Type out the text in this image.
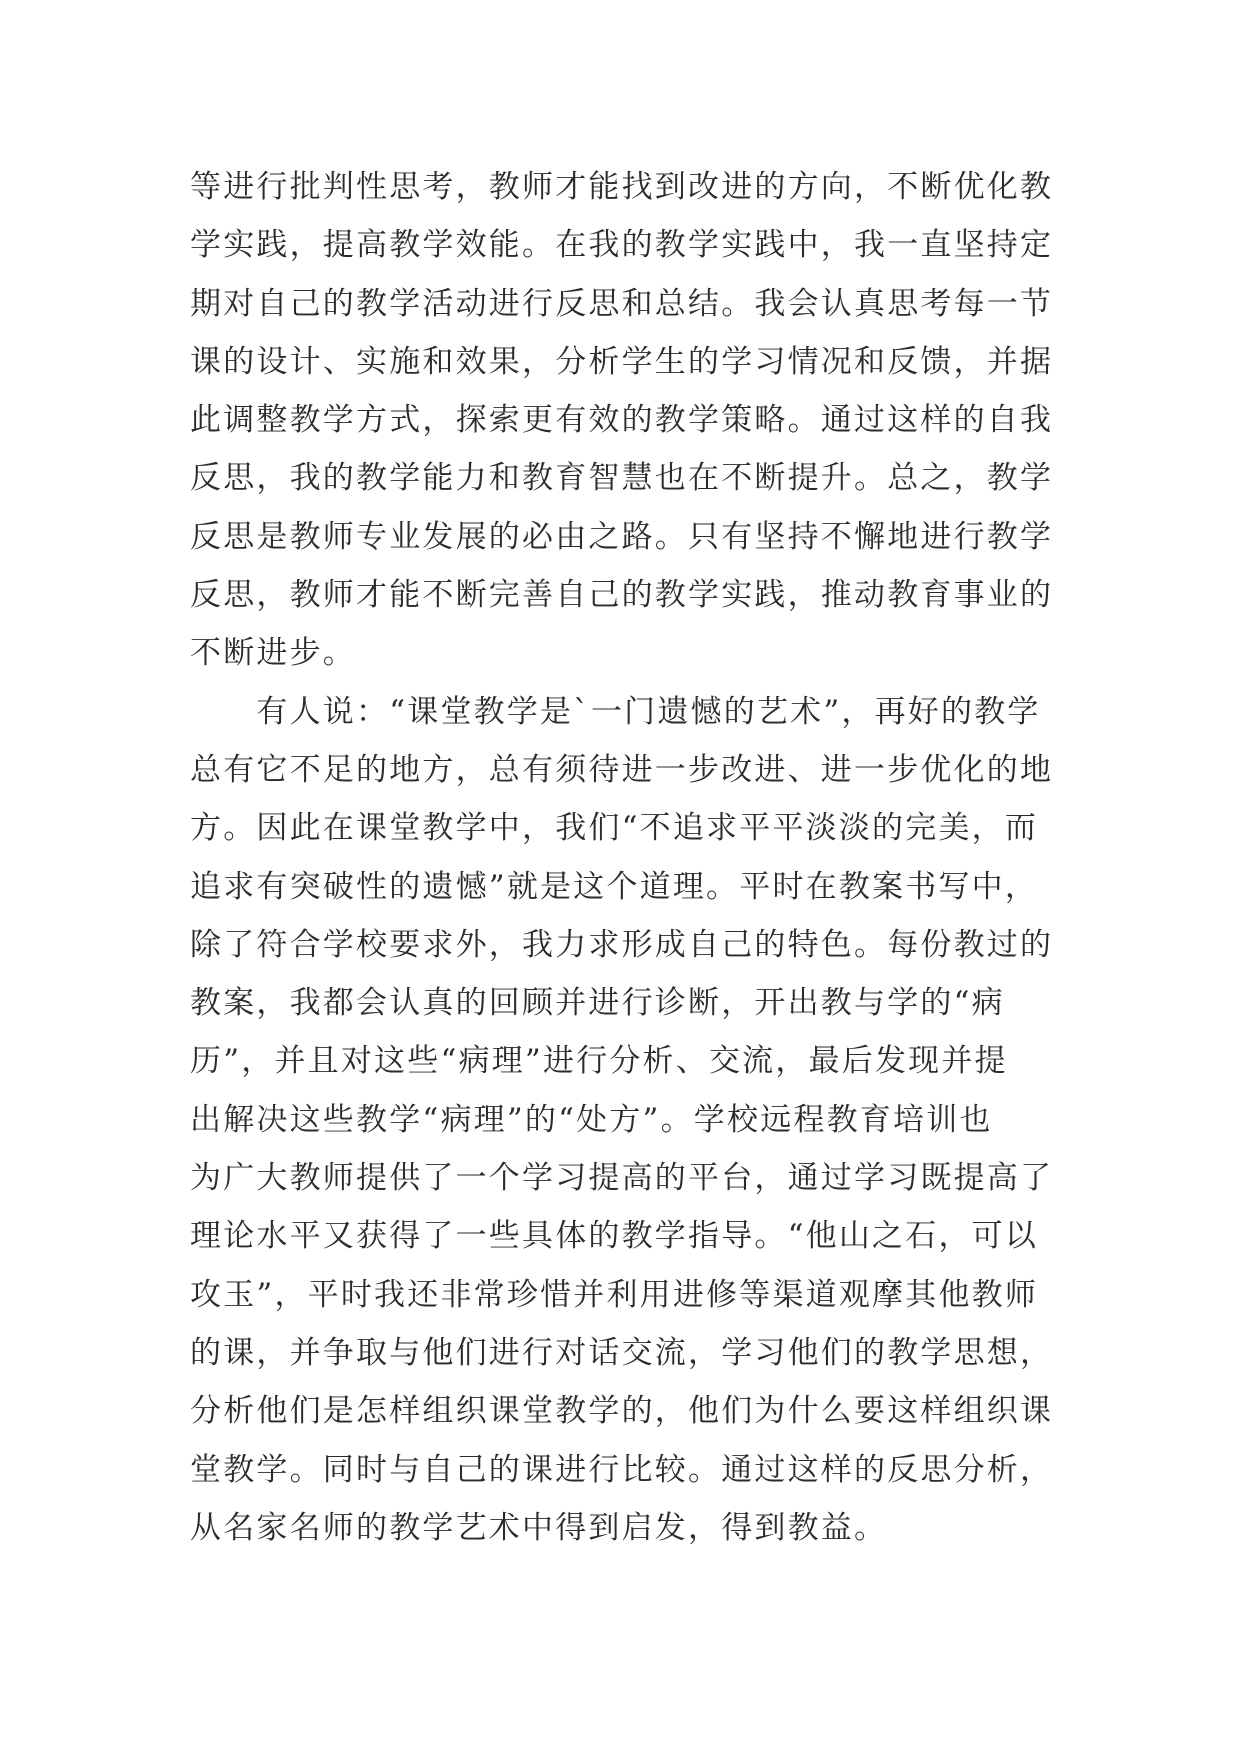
等进行批判性思考，教师才能找到改进的方向，不断优化教
学实践，提高教学效能。在我的教学实践中，我一直坚持定
期对自己的教学活动进行反思和总结。我会认真思考每一节
课的设计、实施和效果，分析学生的学习情况和反馈，并据
此调整教学方式，探索更有效的教学策略。通过这样的自我
反思，我的教学能力和教育智慧也在不断提升。总之，教学
反思是教师专业发展的必由之路。只有坚持不懈地进行教学
反思，教师才能不断完善自己的教学实践，推动教育事业的
不断进步。
　　有人说：“课堂教学是`一门遗憾的艺术”，再好的教学
总有它不足的地方，总有须待进一步改进、进一步优化的地
方。因此在课堂教学中，我们“不追求平平淡淡的完美，而
追求有突破性的遗憾”就是这个道理。平时在教案书写中，
除了符合学校要求外，我力求形成自己的特色。每份教过的
教案，我都会认真的回顾并进行诊断，开出教与学的“病
历”，并且对这些“病理”进行分析、交流，最后发现并提
出解决这些教学“病理”的“处方”。学校远程教育培训也
为广大教师提供了一个学习提高的平台，通过学习既提高了
理论水平又获得了一些具体的教学指导。“他山之石，可以
攻玉”，平时我还非常珍惜并利用进修等渠道观摩其他教师
的课，并争取与他们进行对话交流，学习他们的教学思想，
分析他们是怎样组织课堂教学的，他们为什么要这样组织课
堂教学。同时与自己的课进行比较。通过这样的反思分析，
从名家名师的教学艺术中得到启发，得到教益。
